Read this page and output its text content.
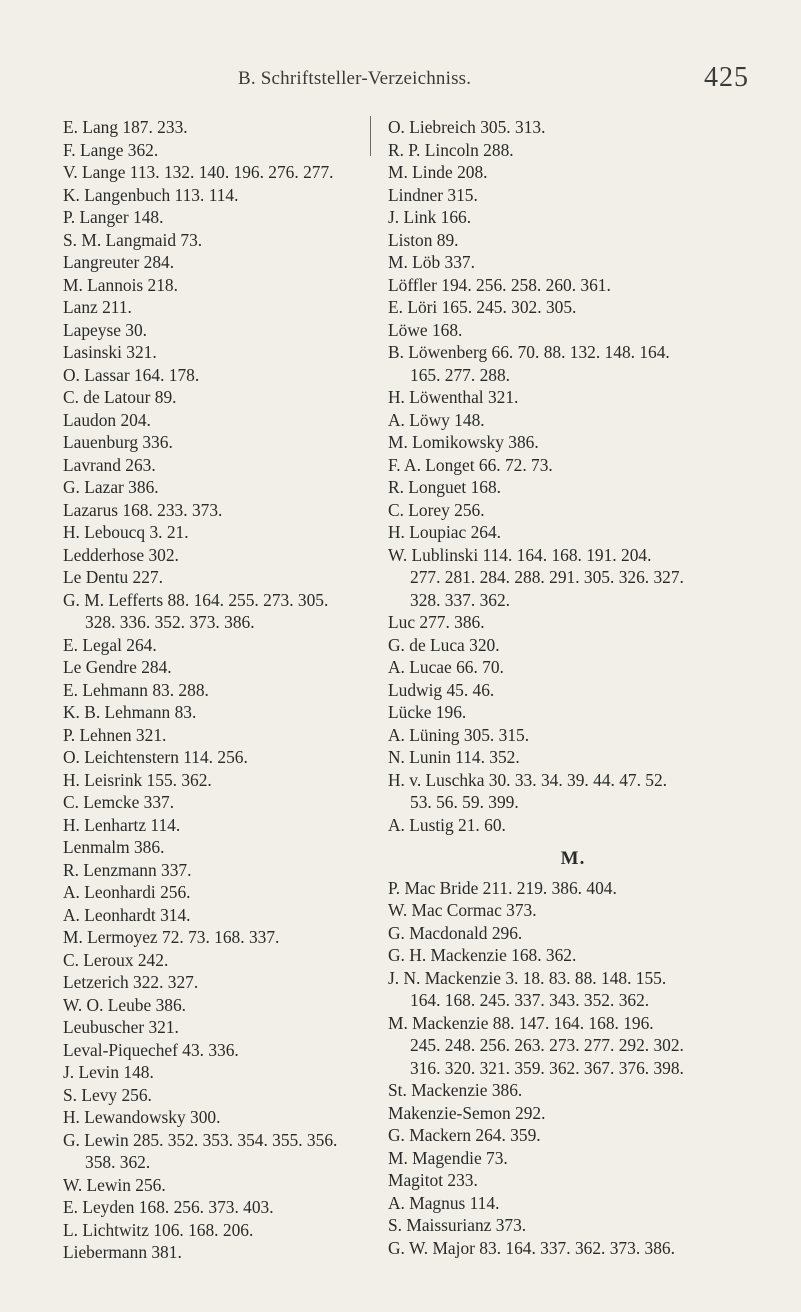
B. Schriftsteller-Verzeichniss.	425
E. Lang 187. 233.
F. Lange 362.
V. Lange 113. 132. 140. 196. 276. 277.
K. Langenbuch 113. 114.
P. Langer 148.
S. M. Langmaid 73.
Langreuter 284.
M. Lannois 218.
Lanz 211.
Lapeyse 30.
Lasinski 321.
O. Lassar 164. 178.
C. de Latour 89.
Laudon 204.
Lauenburg 336.
Lavrand 263.
G. Lazar 386.
Lazarus 168. 233. 373.
H. Leboucq 3. 21.
Ledderhose 302.
Le Dentu 227.
G. M. Lefferts 88. 164. 255. 273. 305.
328. 336. 352. 373. 386.
E. Legal 264.
Le Gendre 284.
E. Lehmann 83. 288.
K. B. Lehmann 83.
P. Lehnen 321.
O. Leichtenstern 114. 256.
H. Leisrink 155. 362.
C. Lemcke 337.
H. Lenhartz 114.
Lenmalm 386.
R. Lenzmann 337.
A. Leonhardi 256.
A. Leonhardt 314.
M. Lermoyez 72. 73. 168. 337.
C. Leroux 242.
Letzerich 322. 327.
W. O. Leube 386.
Leubuscher 321.
Leval-Piquechef 43. 336.
J. Levin 148.
S. Levy 256.
H. Lewandowsky 300.
G. Lewin 285. 352. 353. 354. 355. 356.
358. 362.
W. Lewin 256.
E. Leyden 168. 256. 373. 403.
L. Lichtwitz 106. 168. 206.
Liebermann 381.
O. Liebreich 305. 313.
R. P. Lincoln 288.
M. Linde 208.
Lindner 315.
J. Link 166.
Liston 89.
M. Löb 337.
Löffler 194. 256. 258. 260. 361.
E. Löri 165. 245. 302. 305.
Löwe 168.
B. Löwenberg 66. 70. 88. 132. 148. 164.
165. 277. 288.
H. Löwenthal 321.
A. Löwy 148.
M. Lomikowsky 386.
F. A. Longet 66. 72. 73.
R. Longuet 168.
C. Lorey 256.
H. Loupiac 264.
W. Lublinski 114. 164. 168. 191. 204.
277. 281. 284. 288. 291. 305. 326. 327.
328. 337. 362.
Luc 277. 386.
G. de Luca 320.
A. Lucae 66. 70.
Ludwig 45. 46.
Lücke 196.
A. Lüning 305. 315.
N. Lunin 114. 352.
H. v. Luschka 30. 33. 34. 39. 44. 47. 52.
53. 56. 59. 399.
A. Lustig 21. 60.
M.
P. Mac Bride 211. 219. 386. 404.
W. Mac Cormac 373.
G. Macdonald 296.
G. H. Mackenzie 168. 362.
J. N. Mackenzie 3. 18. 83. 88. 148. 155.
164. 168. 245. 337. 343. 352. 362.
M. Mackenzie 88. 147. 164. 168. 196.
245. 248. 256. 263. 273. 277. 292. 302.
316. 320. 321. 359. 362. 367. 376. 398.
St. Mackenzie 386.
Makenzie-Semon 292.
G. Mackern 264. 359.
M. Magendie 73.
Magitot 233.
A. Magnus 114.
S. Maissurianz 373.
G. W. Major 83. 164. 337. 362. 373. 386.
